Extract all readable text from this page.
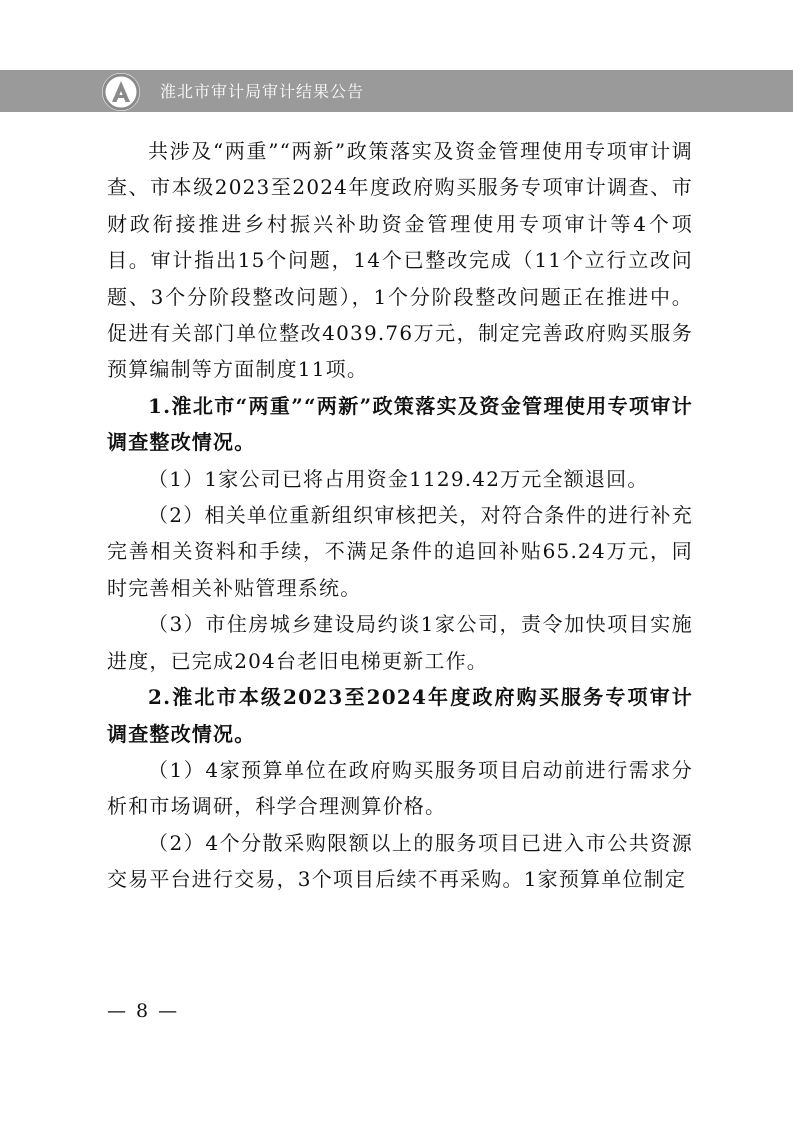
淮北市审计局审计结果公告

共涉及“两重”“两新”政策落实及资金管理使用专项审计调查、市本级2023至2024年度政府购买服务专项审计调查、市财政衔接推进乡村振兴补助资金管理使用专项审计等4个项目。审计指出15个问题，14个已整改完成（11个立行立改问题、3个分阶段整改问题），1个分阶段整改问题正在推进中。促进有关部门单位整改4039.76万元，制定完善政府购买服务预算编制等方面制度11项。

1.淮北市“两重”“两新”政策落实及资金管理使用专项审计调查整改情况。

（1）1家公司已将占用资金1129.42万元全额退回。

（2）相关单位重新组织审核把关，对符合条件的进行补充完善相关资料和手续，不满足条件的追回补贴65.24万元，同时完善相关补贴管理系统。

（3）市住房城乡建设局约谈1家公司，责令加快项目实施进度，已完成204台老旧电梯更新工作。

2.淮北市本级2023至2024年度政府购买服务专项审计调查整改情况。

（1）4家预算单位在政府购买服务项目启动前进行需求分析和市场调研，科学合理测算价格。

（2）4个分散采购限额以上的服务项目已进入市公共资源交易平台进行交易，3个项目后续不再采购。1家预算单位制定

— 8 —
